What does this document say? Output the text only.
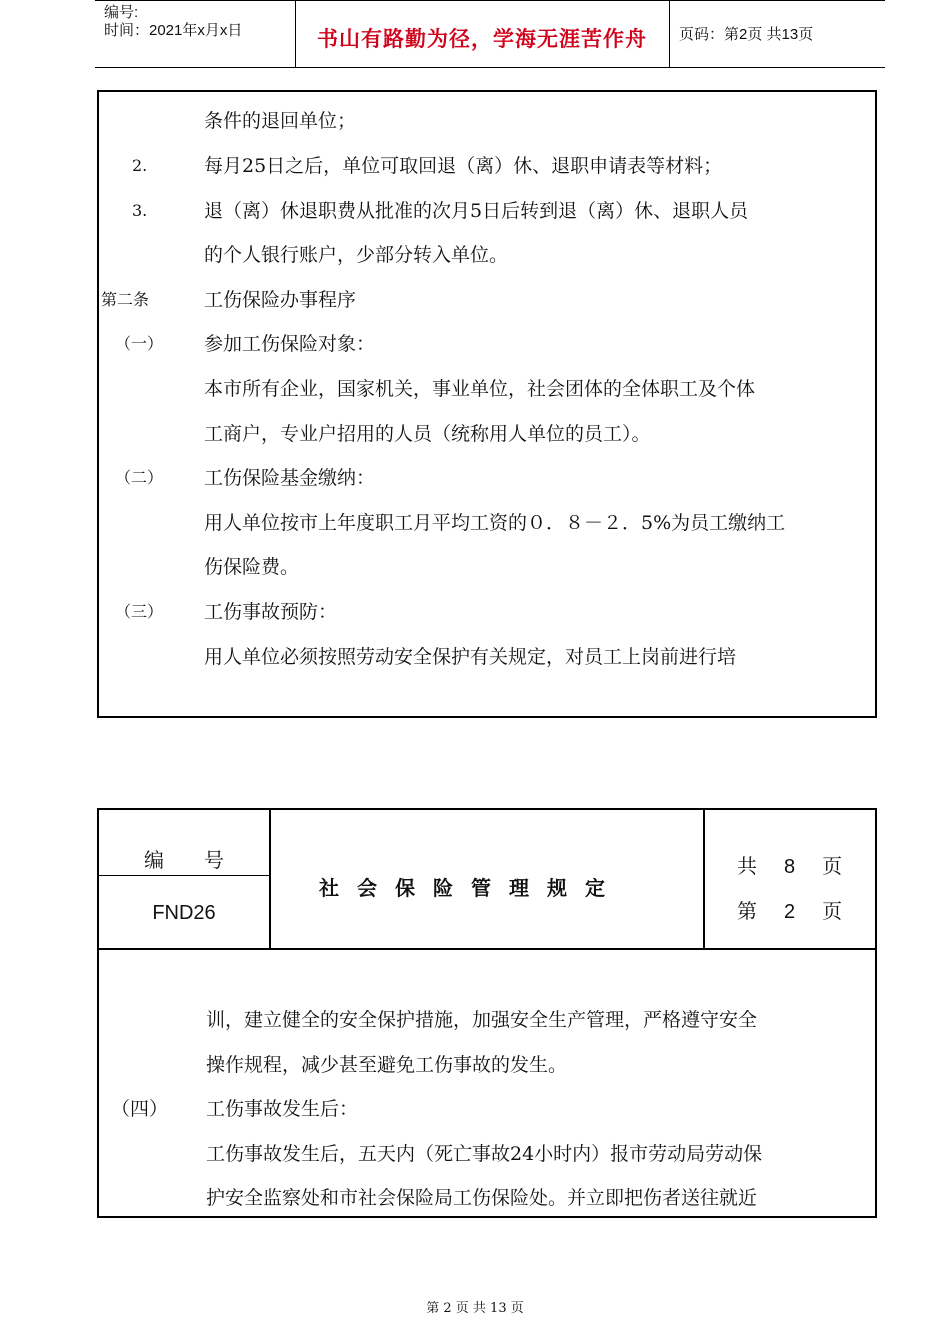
编号:
时间：2021年x月x日	书山有路勤为径，学海无涯苦作舟 页码：第2页 共13页
条件的退回单位；
2.	每月25日之后，单位可取回退（离）休、退职申请表等材料；
3.	退（离）休退职费从批准的次月5日后转到退（离）休、退职人员
的个人银行账户，少部分转入单位。
第二条	工伤保险办事程序
（一） 参加工伤保险对象：
本市所有企业，国家机关，事业单位，社会团体的全体职工及个体
工商户，专业户招用的人员（统称用人单位的员工）。
（二） 工伤保险基金缴纳：
用人单位按市上年度职工月平均工资的０．８－２．5%为员工缴纳工
伤保险费。
（三） 工伤事故预防：
用人单位必须按照劳动安全保护有关规定，对员工上岗前进行培
编　　号
FND26
社会保险管理规定
共 8 页
第 2 页
训，建立健全的安全保护措施，加强安全生产管理，严格遵守安全
操作规程，减少甚至避免工伤事故的发生。
（四） 工伤事故发生后：
工伤事故发生后，五天内（死亡事故24小时内）报市劳动局劳动保
护安全监察处和市社会保险局工伤保险处。并立即把伤者送往就近
第 2 页 共 13 页
